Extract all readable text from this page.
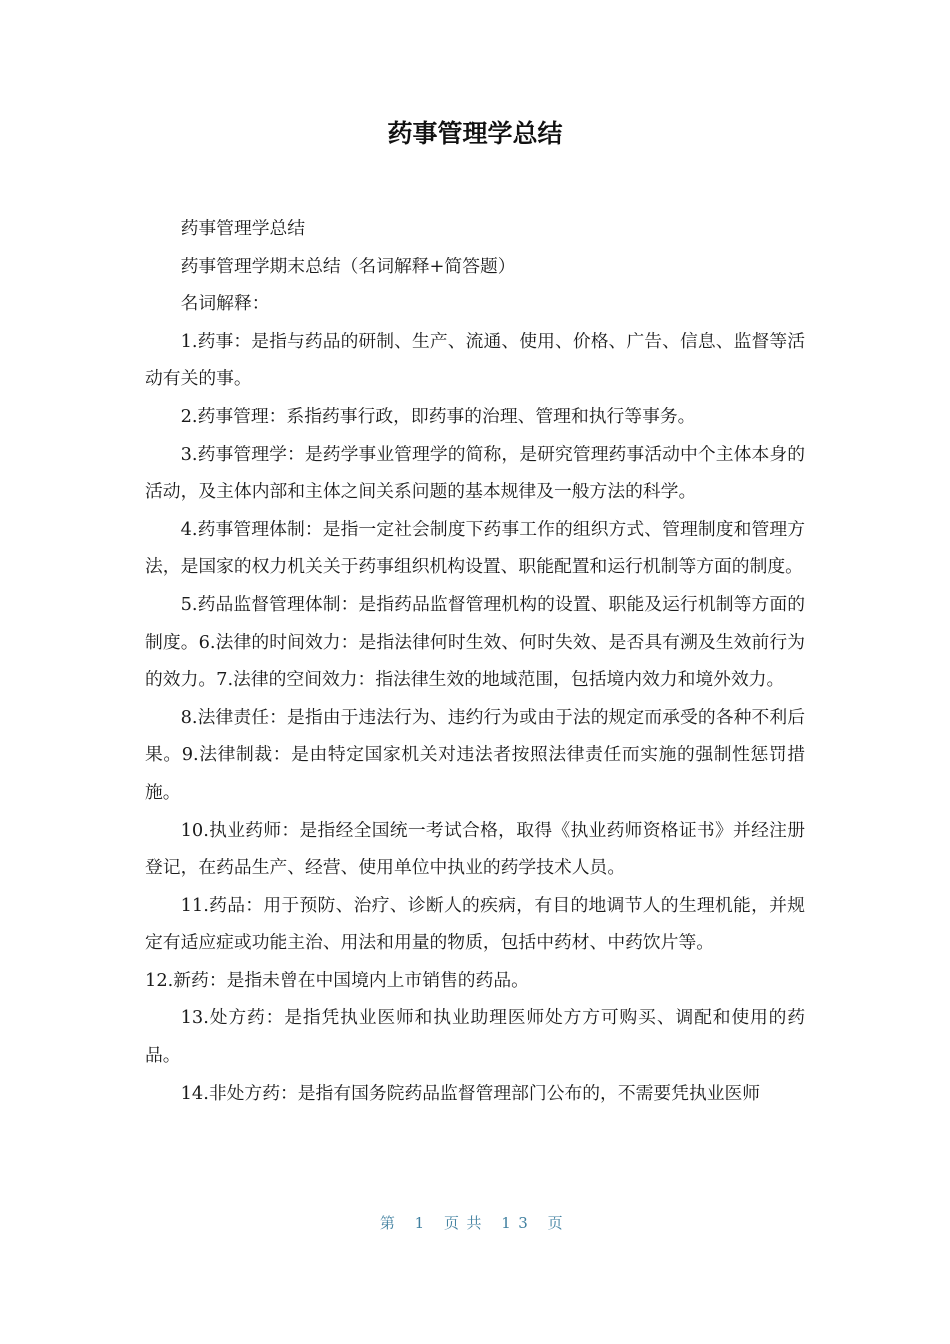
药事管理学总结

药事管理学总结

药事管理学期末总结（名词解释+简答题）

名词解释：

1.药事：是指与药品的研制、生产、流通、使用、价格、广告、信息、监督等活动有关的事。

2.药事管理：系指药事行政，即药事的治理、管理和执行等事务。

3.药事管理学：是药学事业管理学的简称，是研究管理药事活动中个主体本身的活动，及主体内部和主体之间关系问题的基本规律及一般方法的科学。

4.药事管理体制：是指一定社会制度下药事工作的组织方式、管理制度和管理方法，是国家的权力机关关于药事组织机构设置、职能配置和运行机制等方面的制度。

5.药品监督管理体制：是指药品监督管理机构的设置、职能及运行机制等方面的制度。6.法律的时间效力：是指法律何时生效、何时失效、是否具有溯及生效前行为的效力。7.法律的空间效力：指法律生效的地域范围，包括境内效力和境外效力。

8.法律责任：是指由于违法行为、违约行为或由于法的规定而承受的各种不利后果。9.法律制裁：是由特定国家机关对违法者按照法律责任而实施的强制性惩罚措施。

10.执业药师：是指经全国统一考试合格，取得《执业药师资格证书》并经注册登记，在药品生产、经营、使用单位中执业的药学技术人员。

11.药品：用于预防、治疗、诊断人的疾病，有目的地调节人的生理机能，并规定有适应症或功能主治、用法和用量的物质，包括中药材、中药饮片等。

12.新药：是指未曾在中国境内上市销售的药品。

13.处方药：是指凭执业医师和执业助理医师处方方可购买、调配和使用的药品。

14.非处方药：是指有国务院药品监督管理部门公布的，不需要凭执业医师

第 1 页共 13 页
